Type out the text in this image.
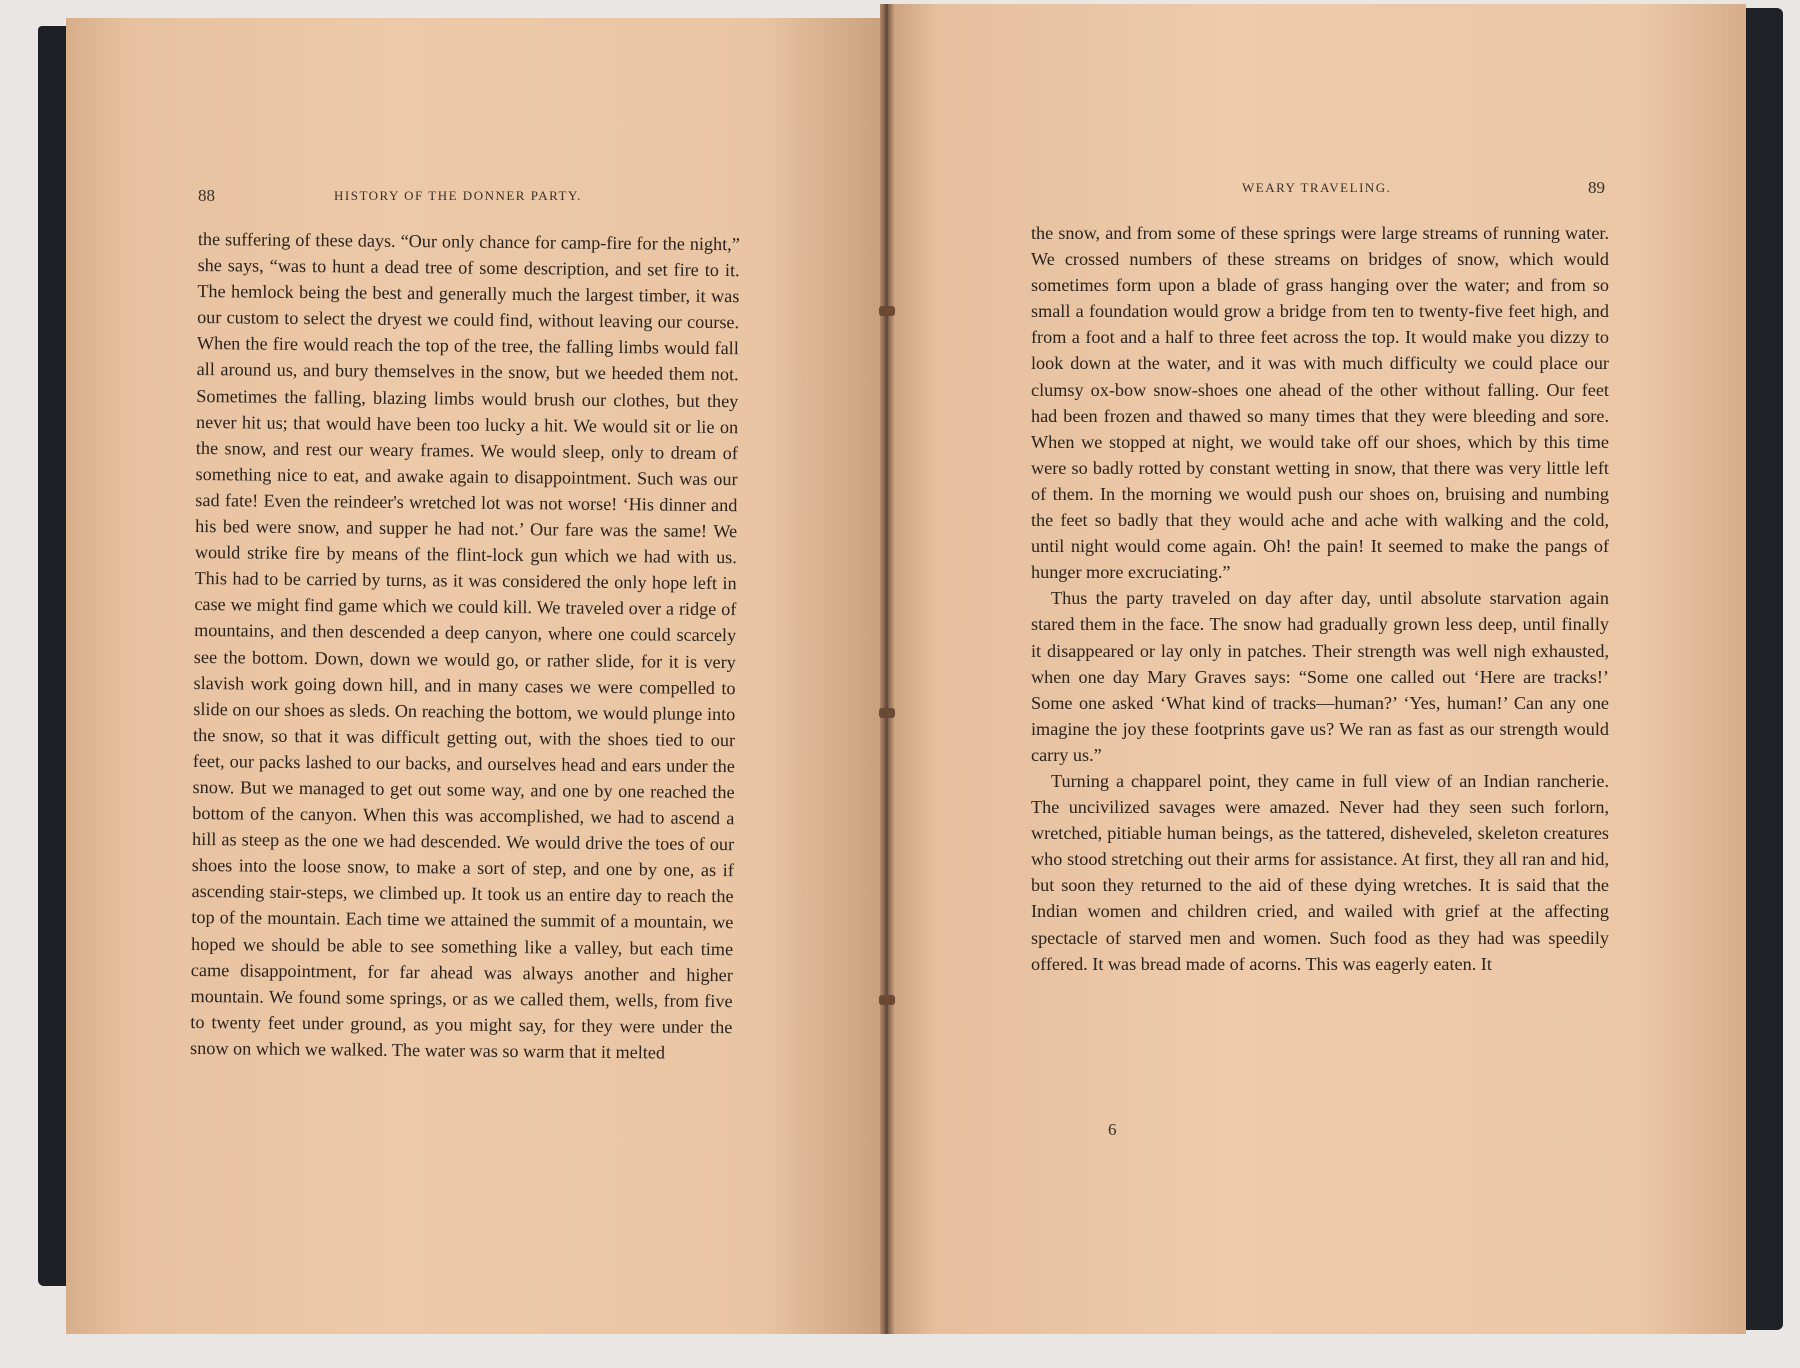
88	HISTORY OF THE DONNER PARTY.

the suffering of these days. “Our only chance for camp-fire for the night,” she says, “was to hunt a dead tree of some description, and set fire to it. The hemlock being the best and generally much the largest timber, it was our custom to select the dryest we could find, without leaving our course. When the fire would reach the top of the tree, the falling limbs would fall all around us, and bury themselves in the snow, but we heeded them not. Sometimes the falling, blazing limbs would brush our clothes, but they never hit us; that would have been too lucky a hit. We would sit or lie on the snow, and rest our weary frames. We would sleep, only to dream of something nice to eat, and awake again to disappointment. Such was our sad fate! Even the reindeer's wretched lot was not worse! ‘His dinner and his bed were snow, and supper he had not.’ Our fare was the same! We would strike fire by means of the flint-lock gun which we had with us. This had to be carried by turns, as it was considered the only hope left in case we might find game which we could kill. We traveled over a ridge of mountains, and then descended a deep canyon, where one could scarcely see the bottom. Down, down we would go, or rather slide, for it is very slavish work going down hill, and in many cases we were compelled to slide on our shoes as sleds. On reaching the bottom, we would plunge into the snow, so that it was difficult getting out, with the shoes tied to our feet, our packs lashed to our backs, and ourselves head and ears under the snow. But we managed to get out some way, and one by one reached the bottom of the canyon. When this was accomplished, we had to ascend a hill as steep as the one we had descended. We would drive the toes of our shoes into the loose snow, to make a sort of step, and one by one, as if ascending stair-steps, we climbed up. It took us an entire day to reach the top of the mountain. Each time we attained the summit of a mountain, we hoped we should be able to see something like a valley, but each time came disappointment, for far ahead was always another and higher mountain. We found some springs, or as we called them, wells, from five to twenty feet under ground, as you might say, for they were under the snow on which we walked. The water was so warm that it melted

WEARY TRAVELING.	89

the snow, and from some of these springs were large streams of running water. We crossed numbers of these streams on bridges of snow, which would sometimes form upon a blade of grass hanging over the water; and from so small a foundation would grow a bridge from ten to twenty-five feet high, and from a foot and a half to three feet across the top. It would make you dizzy to look down at the water, and it was with much difficulty we could place our clumsy ox-bow snow-shoes one ahead of the other without falling. Our feet had been frozen and thawed so many times that they were bleeding and sore. When we stopped at night, we would take off our shoes, which by this time were so badly rotted by constant wetting in snow, that there was very little left of them. In the morning we would push our shoes on, bruising and numbing the feet so badly that they would ache and ache with walking and the cold, until night would come again. Oh! the pain! It seemed to make the pangs of hunger more excruciating.”

Thus the party traveled on day after day, until absolute starvation again stared them in the face. The snow had gradually grown less deep, until finally it disappeared or lay only in patches. Their strength was well nigh exhausted, when one day Mary Graves says: “Some one called out ‘Here are tracks!’ Some one asked ‘What kind of tracks—human?’ ‘Yes, human!’ Can any one imagine the joy these footprints gave us? We ran as fast as our strength would carry us.”

Turning a chapparel point, they came in full view of an Indian rancherie. The uncivilized savages were amazed. Never had they seen such forlorn, wretched, pitiable human beings, as the tattered, disheveled, skeleton creatures who stood stretching out their arms for assistance. At first, they all ran and hid, but soon they returned to the aid of these dying wretches. It is said that the Indian women and children cried, and wailed with grief at the affecting spectacle of starved men and women. Such food as they had was speedily offered. It was bread made of acorns. This was eagerly eaten. It

6
